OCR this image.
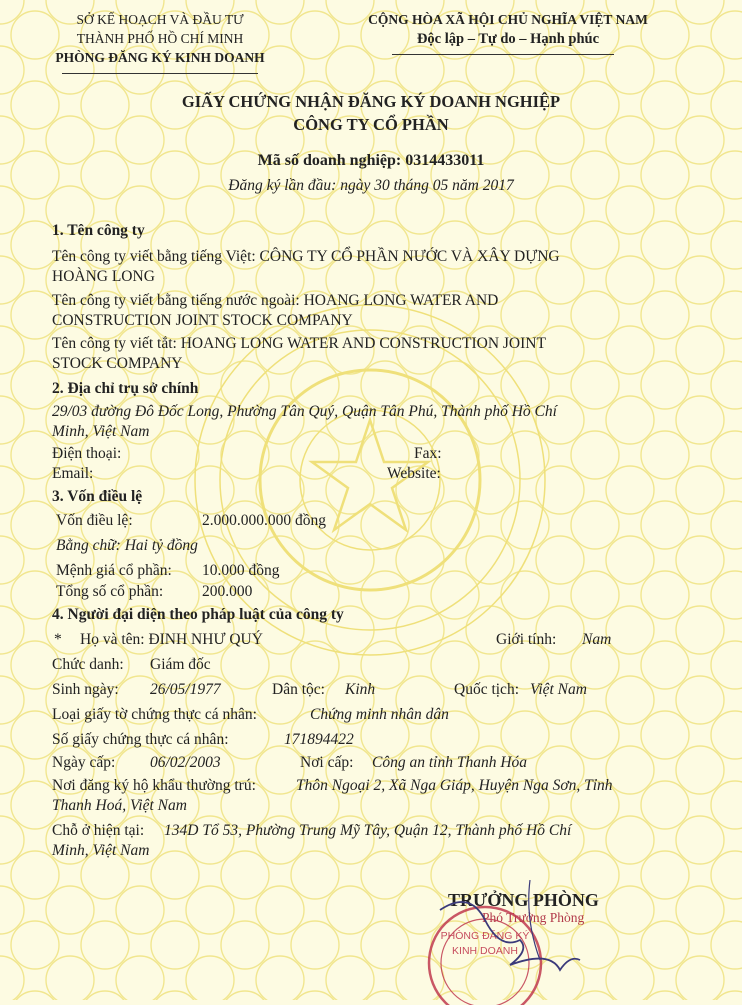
SỞ KẾ HOẠCH VÀ ĐẦU TƯ
THÀNH PHỐ HỒ CHÍ MINH
PHÒNG ĐĂNG KÝ KINH DOANH
CỘNG HÒA XÃ HỘI CHỦ NGHĨA VIỆT NAM
Độc lập – Tự do – Hạnh phúc
GIẤY CHỨNG NHẬN ĐĂNG KÝ DOANH NGHIỆP
CÔNG TY CỔ PHẦN
Mã số doanh nghiệp: 0314433011
Đăng ký lần đầu: ngày 30 tháng 05 năm 2017
1. Tên công ty
Tên công ty viết bằng tiếng Việt: CÔNG TY CỔ PHẦN NƯỚC VÀ XÂY DỰNG
HOÀNG LONG
Tên công ty viết bằng tiếng nước ngoài: HOANG LONG WATER AND
CONSTRUCTION JOINT STOCK COMPANY
Tên công ty viết tắt: HOANG LONG WATER AND CONSTRUCTION JOINT
STOCK COMPANY
2. Địa chỉ trụ sở chính
29/03 đường Đô Đốc Long, Phường Tân Quý, Quận Tân Phú, Thành phố Hồ Chí
Minh, Việt Nam
Điện thoại:	Fax:
Email:	Website:
3. Vốn điều lệ
Vốn điều lệ:	2.000.000.000 đồng
Bằng chữ: Hai tỷ đồng
Mệnh giá cổ phần: 10.000 đồng
Tổng số cổ phần:	200.000
4. Người đại diện theo pháp luật của công ty
* Họ và tên: ĐINH NHƯ QUÝ	Giới tính: Nam
Chức danh: Giám đốc
Sinh ngày: 26/05/1977	Dân tộc: Kinh	Quốc tịch: Việt Nam
Loại giấy tờ chứng thực cá nhân:	Chứng minh nhân dân
Số giấy chứng thực cá nhân:	171894422
Ngày cấp: 06/02/2003	Nơi cấp: Công an tỉnh Thanh Hóa
Nơi đăng ký hộ khẩu thường trú:	Thôn Ngoại 2, Xã Nga Giáp, Huyện Nga Sơn, Tỉnh
Thanh Hoá, Việt Nam
Chỗ ở hiện tại: 134D Tổ 53, Phường Trung Mỹ Tây, Quận 12, Thành phố Hồ Chí
Minh, Việt Nam
TRƯỞNG PHÒNG
Phó Trưởng Phòng
PHÒNG ĐĂNG KÝ KINH DOANH
